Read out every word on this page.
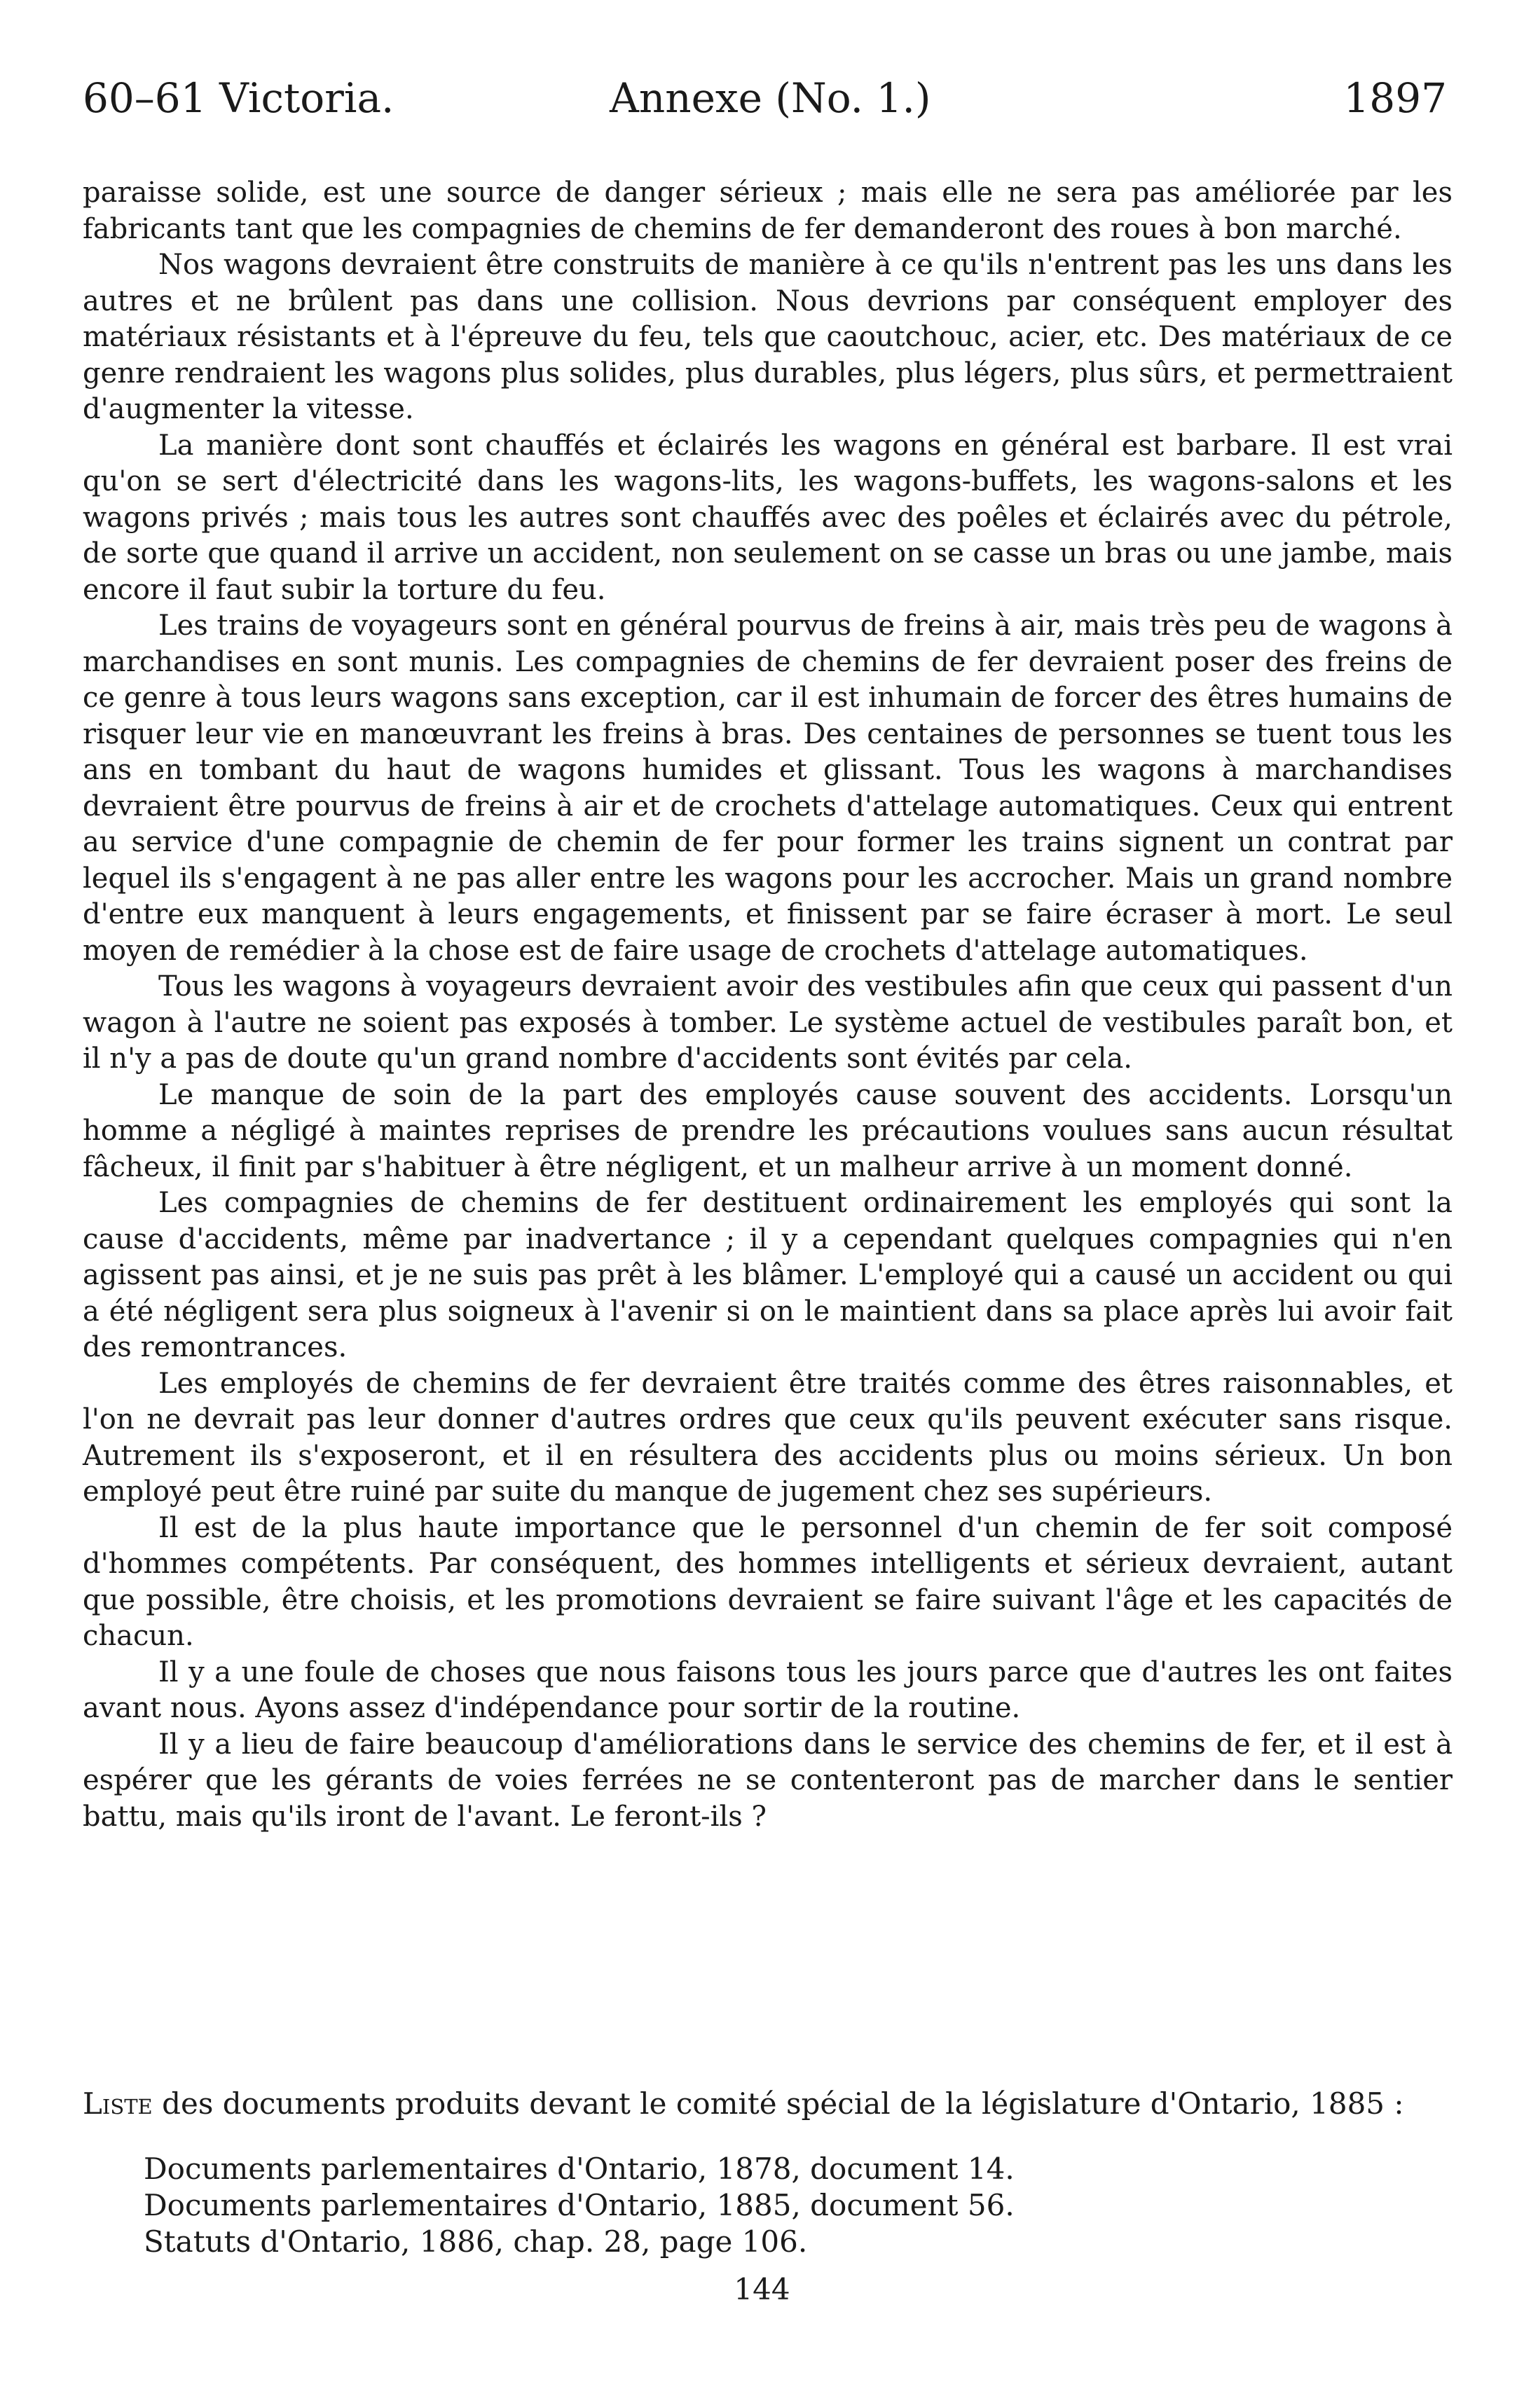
60–61 Victoria.	Annexe (No. 1.)	1897

paraisse solide, est une source de danger sérieux ; mais elle ne sera pas améliorée par les fabricants tant que les compagnies de chemins de fer demanderont des roues à bon marché.

Nos wagons devraient être construits de manière à ce qu'ils n'entrent pas les uns dans les autres et ne brûlent pas dans une collision. Nous devrions par conséquent employer des matériaux résistants et à l'épreuve du feu, tels que caoutchouc, acier, etc. Des matériaux de ce genre rendraient les wagons plus solides, plus durables, plus légers, plus sûrs, et permettraient d'augmenter la vitesse.

La manière dont sont chauffés et éclairés les wagons en général est barbare. Il est vrai qu'on se sert d'électricité dans les wagons-lits, les wagons-buffets, les wagons-salons et les wagons privés ; mais tous les autres sont chauffés avec des poêles et éclairés avec du pétrole, de sorte que quand il arrive un accident, non seulement on se casse un bras ou une jambe, mais encore il faut subir la torture du feu.

Les trains de voyageurs sont en général pourvus de freins à air, mais très peu de wagons à marchandises en sont munis. Les compagnies de chemins de fer devraient poser des freins de ce genre à tous leurs wagons sans exception, car il est inhumain de forcer des êtres humains de risquer leur vie en manœuvrant les freins à bras. Des centaines de personnes se tuent tous les ans en tombant du haut de wagons humides et glissant. Tous les wagons à marchandises devraient être pourvus de freins à air et de crochets d'attelage automatiques. Ceux qui entrent au service d'une compagnie de chemin de fer pour former les trains signent un contrat par lequel ils s'engagent à ne pas aller entre les wagons pour les accrocher. Mais un grand nombre d'entre eux manquent à leurs engagements, et finissent par se faire écraser à mort. Le seul moyen de remédier à la chose est de faire usage de crochets d'attelage automatiques.

Tous les wagons à voyageurs devraient avoir des vestibules afin que ceux qui passent d'un wagon à l'autre ne soient pas exposés à tomber. Le système actuel de vestibules paraît bon, et il n'y a pas de doute qu'un grand nombre d'accidents sont évités par cela.

Le manque de soin de la part des employés cause souvent des accidents. Lorsqu'un homme a négligé à maintes reprises de prendre les précautions voulues sans aucun résultat fâcheux, il finit par s'habituer à être négligent, et un malheur arrive à un moment donné.

Les compagnies de chemins de fer destituent ordinairement les employés qui sont la cause d'accidents, même par inadvertance ; il y a cependant quelques compagnies qui n'en agissent pas ainsi, et je ne suis pas prêt à les blâmer. L'employé qui a causé un accident ou qui a été négligent sera plus soigneux à l'avenir si on le maintient dans sa place après lui avoir fait des remontrances.

Les employés de chemins de fer devraient être traités comme des êtres raisonnables, et l'on ne devrait pas leur donner d'autres ordres que ceux qu'ils peuvent exécuter sans risque. Autrement ils s'exposeront, et il en résultera des accidents plus ou moins sérieux. Un bon employé peut être ruiné par suite du manque de jugement chez ses supérieurs.

Il est de la plus haute importance que le personnel d'un chemin de fer soit composé d'hommes compétents. Par conséquent, des hommes intelligents et sérieux devraient, autant que possible, être choisis, et les promotions devraient se faire suivant l'âge et les capacités de chacun.

Il y a une foule de choses que nous faisons tous les jours parce que d'autres les ont faites avant nous. Ayons assez d'indépendance pour sortir de la routine.

Il y a lieu de faire beaucoup d'améliorations dans le service des chemins de fer, et il est à espérer que les gérants de voies ferrées ne se contenteront pas de marcher dans le sentier battu, mais qu'ils iront de l'avant. Le feront-ils ?

Liste des documents produits devant le comité spécial de la législature d'Ontario, 1885 :
Documents parlementaires d'Ontario, 1878, document 14.
Documents parlementaires d'Ontario, 1885, document 56.
Statuts d'Ontario, 1886, chap. 28, page 106.
144
